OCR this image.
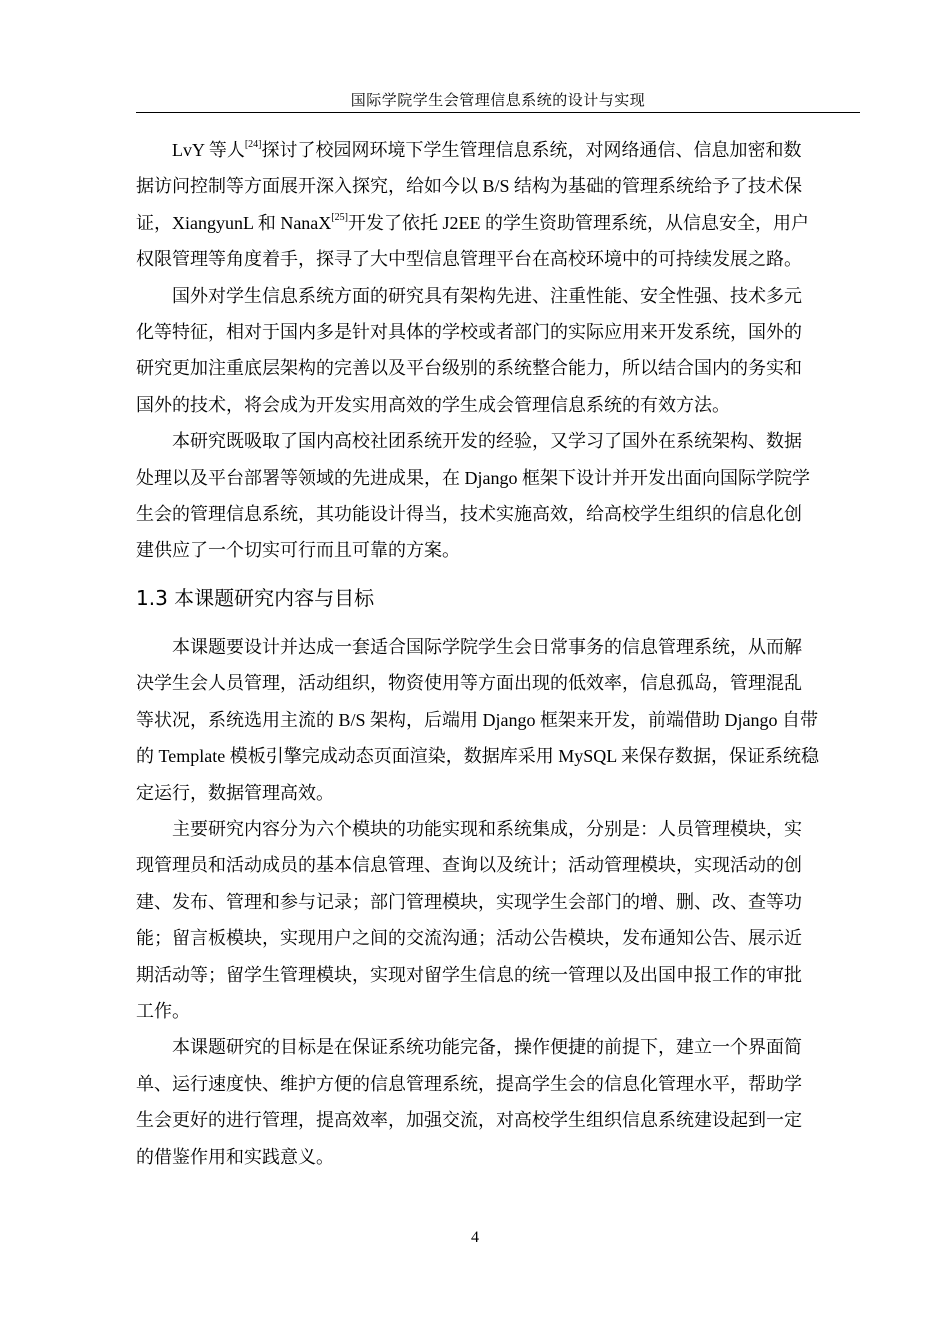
国际学院学生会管理信息系统的设计与实现

LvY 等人[24]探讨了校园网环境下学生管理信息系统，对网络通信、信息加密和数
据访问控制等方面展开深入探究，给如今以 B/S 结构为基础的管理系统给予了技术保
证，XiangyunL 和 NanaX[25]开发了依托 J2EE 的学生资助管理系统，从信息安全，用户
权限管理等角度着手，探寻了大中型信息管理平台在高校环境中的可持续发展之路。

国外对学生信息系统方面的研究具有架构先进、注重性能、安全性强、技术多元
化等特征，相对于国内多是针对具体的学校或者部门的实际应用来开发系统，国外的
研究更加注重底层架构的完善以及平台级别的系统整合能力，所以结合国内的务实和
国外的技术，将会成为开发实用高效的学生成会管理信息系统的有效方法。

本研究既吸取了国内高校社团系统开发的经验，又学习了国外在系统架构、数据
处理以及平台部署等领域的先进成果，在 Django 框架下设计并开发出面向国际学院学
生会的管理信息系统，其功能设计得当，技术实施高效，给高校学生组织的信息化创
建供应了一个切实可行而且可靠的方案。

1.3 本课题研究内容与目标

本课题要设计并达成一套适合国际学院学生会日常事务的信息管理系统，从而解
决学生会人员管理，活动组织，物资使用等方面出现的低效率，信息孤岛，管理混乱
等状况，系统选用主流的 B/S 架构，后端用 Django 框架来开发，前端借助 Django 自带
的 Template 模板引擎完成动态页面渲染，数据库采用 MySQL 来保存数据，保证系统稳
定运行，数据管理高效。

主要研究内容分为六个模块的功能实现和系统集成，分别是：人员管理模块，实
现管理员和活动成员的基本信息管理、查询以及统计；活动管理模块，实现活动的创
建、发布、管理和参与记录；部门管理模块，实现学生会部门的增、删、改、查等功
能；留言板模块，实现用户之间的交流沟通；活动公告模块，发布通知公告、展示近
期活动等；留学生管理模块，实现对留学生信息的统一管理以及出国申报工作的审批
工作。

本课题研究的目标是在保证系统功能完备，操作便捷的前提下，建立一个界面简
单、运行速度快、维护方便的信息管理系统，提高学生会的信息化管理水平，帮助学
生会更好的进行管理，提高效率，加强交流，对高校学生组织信息系统建设起到一定
的借鉴作用和实践意义。

4
